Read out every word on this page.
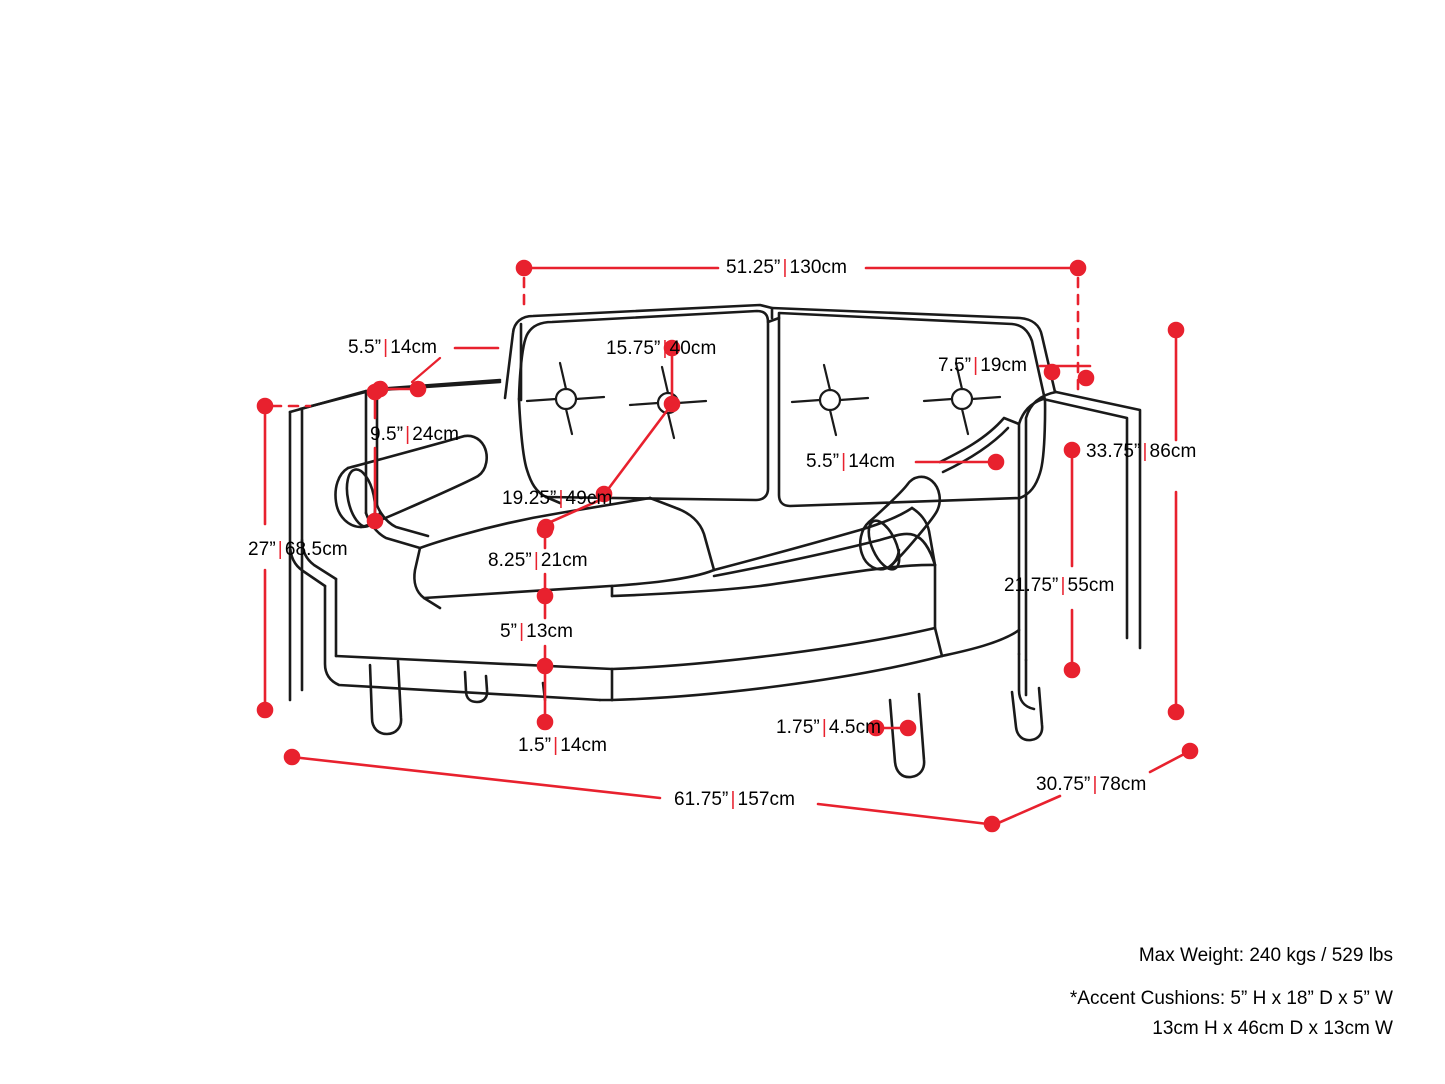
51.25” | 130cm
5.5” | 14cm	15.75” | 40cm
7.5” | 19cm
9.5” | 24cm
5.5” | 14cm	33.75” | 86cm
19.25” | 49cm
27” | 68.5cm
8.25” | 21cm
5” | 13cm
21.75” | 55cm
1.5” | 14cm
1.75” | 4.5cm
61.75” | 157cm
30.75” | 78cm
Max Weight: 240 kgs / 529 lbs
*Accent Cushions: 5” H x 18” D x 5” W
13cm H x 46cm D x 13cm W
